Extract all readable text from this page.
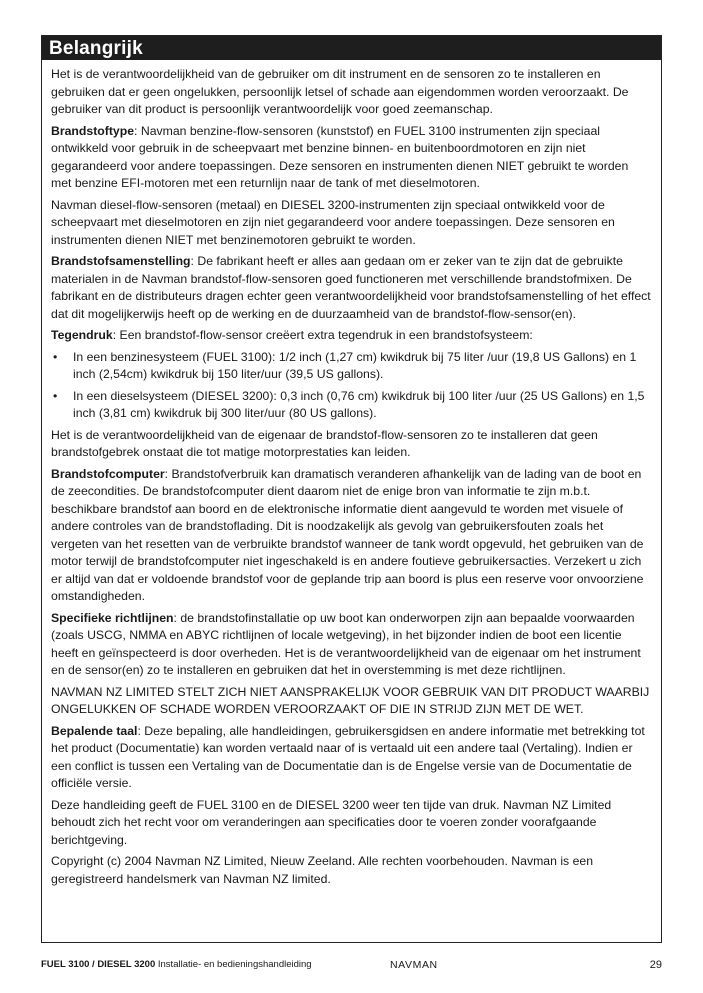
Belangrijk

Het is de verantwoordelijkheid van de gebruiker om dit instrument en de sensoren zo te installeren en gebruiken dat er geen ongelukken, persoonlijk letsel of schade aan eigendommen worden veroorzaakt. De gebruiker van dit product is persoonlijk verantwoordelijk voor goed zeemanschap.

Brandstoftype: Navman benzine-flow-sensoren (kunststof) en FUEL 3100 instrumenten zijn speciaal ontwikkeld voor gebruik in de scheepvaart met benzine binnen- en buitenboordmotoren en zijn niet gegarandeerd voor andere toepassingen. Deze sensoren en instrumenten dienen NIET gebruikt te worden met benzine EFI-motoren met een returnlijn naar de tank of met dieselmotoren.

Navman diesel-flow-sensoren (metaal) en DIESEL 3200-instrumenten zijn speciaal ontwikkeld voor de scheepvaart met dieselmotoren en zijn niet gegarandeerd voor andere toepassingen. Deze sensoren en instrumenten dienen NIET met benzinemotoren gebruikt te worden.

Brandstofsamenstelling: De fabrikant heeft er alles aan gedaan om er zeker van te zijn dat de gebruikte materialen in de Navman brandstof-flow-sensoren goed functioneren met verschillende brandstofmixen. De fabrikant en de distributeurs dragen echter geen verantwoordelijkheid voor brandstofsamenstelling of het effect dat dit mogelijkerwijs heeft op de werking en de duurzaamheid van de brandstof-flow-sensor(en).

Tegendruk: Een brandstof-flow-sensor creëert extra tegendruk in een brandstofsysteem:

• In een benzinesysteem (FUEL 3100): 1/2 inch (1,27 cm) kwikdruk bij 75 liter /uur (19,8 US Gallons) en 1 inch (2,54cm) kwikdruk bij 150 liter/uur (39,5 US gallons).
• In een dieselsysteem (DIESEL 3200): 0,3 inch (0,76 cm) kwikdruk bij 100 liter /uur (25 US Gallons) en 1,5 inch (3,81 cm) kwikdruk bij 300 liter/uur (80 US gallons).

Het is de verantwoordelijkheid van de eigenaar de brandstof-flow-sensoren zo te installeren dat geen brandstofgebrek onstaat die tot matige motorprestaties kan leiden.

Brandstofcomputer: Brandstofverbruik kan dramatisch veranderen afhankelijk van de lading van de boot en de zeecondities. De brandstofcomputer dient daarom niet de enige bron van informatie te zijn m.b.t. beschikbare brandstof aan boord en de elektronische informatie dient aangevuld te worden met visuele of andere controles van de brandstoflading. Dit is noodzakelijk als gevolg van gebruikersfouten zoals het vergeten van het resetten van de verbruikte brandstof wanneer de tank wordt opgevuld, het gebruiken van de motor terwijl de brandstofcomputer niet ingeschakeld is en andere foutieve gebruikersacties. Verzekert u zich er altijd van dat er voldoende brandstof voor de geplande trip aan boord is plus een reserve voor onvoorziene omstandigheden.

Specifieke richtlijnen: de brandstofinstallatie op uw boot kan onderworpen zijn aan bepaalde voorwaarden (zoals USCG, NMMA en ABYC richtlijnen of locale wetgeving), in het bijzonder indien de boot een licentie heeft en geïnspecteerd is door overheden. Het is de verantwoordelijkheid van de eigenaar om het instrument en de sensor(en) zo te installeren en gebruiken dat het in overstemming is met deze richtlijnen.

NAVMAN NZ LIMITED STELT ZICH NIET AANSPRAKELIJK VOOR GEBRUIK VAN DIT PRODUCT WAARBIJ ONGELUKKEN OF SCHADE WORDEN VEROORZAAKT OF DIE IN STRIJD ZIJN MET DE WET.

Bepalende taal: Deze bepaling, alle handleidingen, gebruikersgidsen en andere informatie met betrekking tot het product (Documentatie) kan worden vertaald naar of is vertaald uit een andere taal (Vertaling). Indien er een conflict is tussen een Vertaling van de Documentatie dan is de Engelse versie van de Documentatie de officiële versie.

Deze handleiding geeft de FUEL 3100 en de DIESEL 3200 weer ten tijde van druk. Navman NZ Limited behoudt zich het recht voor om veranderingen aan specificaties door te voeren zonder voorafgaande berichtgeving.

Copyright (c) 2004 Navman NZ Limited, Nieuw Zeeland. Alle rechten voorbehouden. Navman is een geregistreerd handelsmerk van Navman NZ limited.

FUEL 3100 / DIESEL 3200 Installatie- en bedieningshandleiding	NAVMAN	29
